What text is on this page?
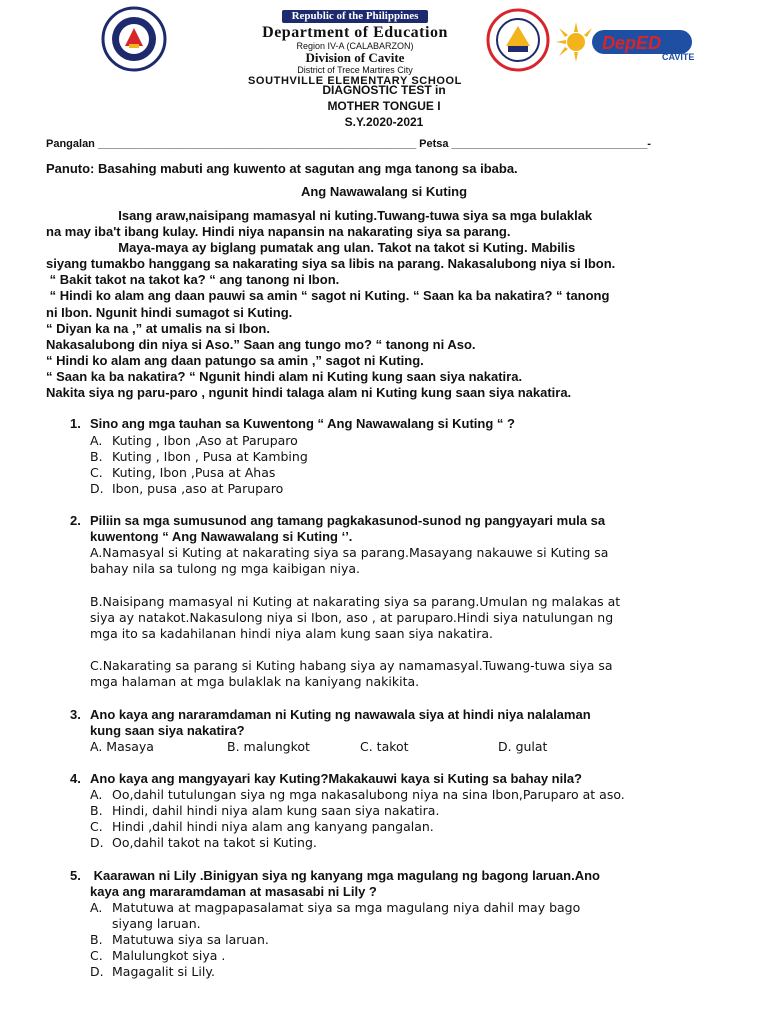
Republic of the Philippines
Department of Education
Region IV-A (CALABARZON)
Division of Cavite
District of Trece Martires City
SOUTHVILLE ELEMENTARY SCHOOL
DepED
CAVITE
DIAGNOSTIC TEST in
MOTHER TONGUE I
S.Y.2020-2021
Pangalan ____________________________________________________ Petsa ________________________________-
Panuto: Basahing mabuti ang kuwento at sagutan ang mga tanong sa ibaba.
Ang Nawawalang si Kuting
Isang araw,naisipang mamasyal ni kuting.Tuwang-tuwa siya sa mga bulaklak
na may iba't ibang kulay. Hindi niya napansin na nakarating siya sa parang.
Maya-maya ay biglang pumatak ang ulan. Takot na takot si Kuting. Mabilis
siyang tumakbo hanggang sa nakarating siya sa libis na parang. Nakasalubong niya si Ibon.
“ Bakit takot na takot ka? “ ang tanong ni Ibon.
“ Hindi ko alam ang daan pauwi sa amin “ sagot ni Kuting. “ Saan ka ba nakatira? “ tanong
ni Ibon. Ngunit hindi sumagot si Kuting.
“ Diyan ka na ,” at umalis na si Ibon.
Nakasalubong din niya si Aso.” Saan ang tungo mo? “ tanong ni Aso.
“ Hindi ko alam ang daan patungo sa amin ,” sagot ni Kuting.
“ Saan ka ba nakatira? “ Ngunit hindi alam ni Kuting kung saan siya nakatira.
Nakita siya ng paru-paro , ngunit hindi talaga alam ni Kuting kung saan siya nakatira.
1. Sino ang mga tauhan sa Kuwentong “ Ang Nawawalang si Kuting “ ?
A. Kuting , Ibon ,Aso at Paruparo
B. Kuting , Ibon , Pusa at Kambing
C. Kuting, Ibon ,Pusa at Ahas
D. Ibon, pusa ,aso at Paruparo
2. Piliin sa mga sumusunod ang tamang pagkakasunod-sunod ng pangyayari mula sa
kuwentong “ Ang Nawawalang si Kuting ‘’.
A.Namasyal si Kuting at nakarating siya sa parang.Masayang nakauwe si Kuting sa
bahay nila sa tulong ng mga kaibigan niya.
B.Naisipang mamasyal ni Kuting at nakarating siya sa parang.Umulan ng malakas at
siya ay natakot.Nakasulong niya si Ibon, aso , at paruparo.Hindi siya natulungan ng
mga ito sa kadahilanan hindi niya alam kung saan siya nakatira.
C.Nakarating sa parang si Kuting habang siya ay namamasyal.Tuwang-tuwa siya sa
mga halaman at mga bulaklak na kaniyang nakikita.
3. Ano kaya ang nararamdaman ni Kuting ng nawawala siya at hindi niya nalalaman
kung saan siya nakatira?
A. Masaya	B. malungkot	C. takot	D. gulat
4. Ano kaya ang mangyayari kay Kuting?Makakauwi kaya si Kuting sa bahay nila?
A. Oo,dahil tutulungan siya ng mga nakasalubong niya na sina Ibon,Paruparo at aso.
B. Hindi, dahil hindi niya alam kung saan siya nakatira.
C. Hindi ,dahil hindi niya alam ang kanyang pangalan.
D. Oo,dahil takot na takot si Kuting.
5. Kaarawan ni Lily .Binigyan siya ng kanyang mga magulang ng bagong laruan.Ano
kaya ang mararamdaman at masasabi ni Lily ?
A. Matutuwa at magpapasalamat siya sa mga magulang niya dahil may bago
siyang laruan.
B. Matutuwa siya sa laruan.
C. Malulungkot siya .
D. Magagalit si Lily.
